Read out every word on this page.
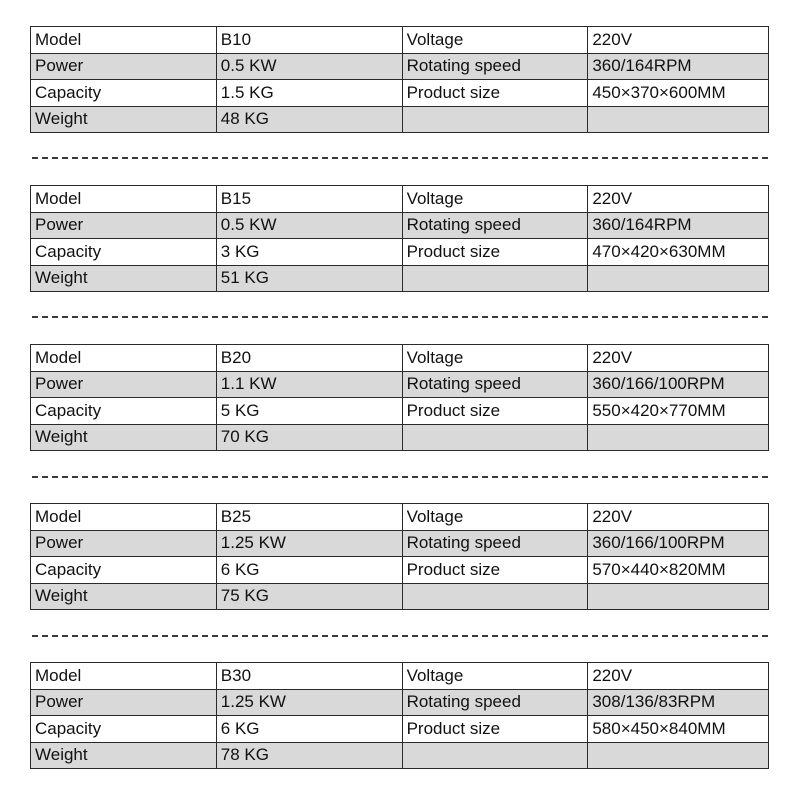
Model	B10	Voltage	220V
Power	0.5 KW	Rotating speed	360/164RPM
Capacity	1.5 KG	Product size	450×370×600MM
Weight	48 KG		
Model	B15	Voltage	220V
Power	0.5 KW	Rotating speed	360/164RPM
Capacity	3 KG	Product size	470×420×630MM
Weight	51 KG		
Model	B20	Voltage	220V
Power	1.1 KW	Rotating speed	360/166/100RPM
Capacity	5 KG	Product size	550×420×770MM
Weight	70 KG		
Model	B25	Voltage	220V
Power	1.25 KW	Rotating speed	360/166/100RPM
Capacity	6 KG	Product size	570×440×820MM
Weight	75 KG		
Model	B30	Voltage	220V
Power	1.25 KW	Rotating speed	308/136/83RPM
Capacity	6 KG	Product size	580×450×840MM
Weight	78 KG		
